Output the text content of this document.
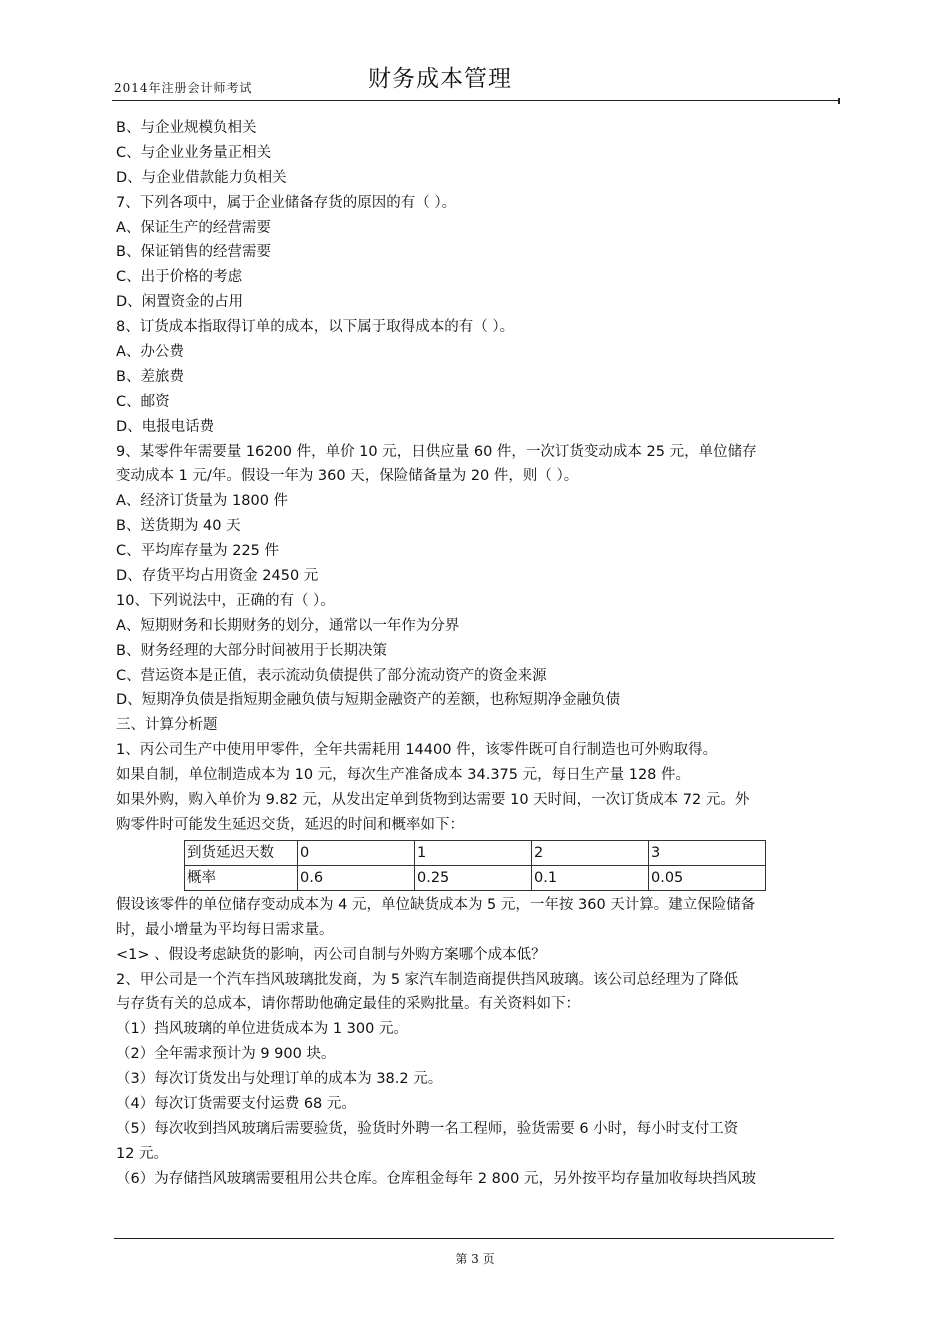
2014年注册会计师考试	财务成本管理
B、与企业规模负相关
C、与企业业务量正相关
D、与企业借款能力负相关
7、下列各项中，属于企业储备存货的原因的有（ ）。
A、保证生产的经营需要
B、保证销售的经营需要
C、出于价格的考虑
D、闲置资金的占用
8、订货成本指取得订单的成本，以下属于取得成本的有（ ）。
A、办公费
B、差旅费
C、邮资
D、电报电话费
9、某零件年需要量 16200 件，单价 10 元，日供应量 60 件，一次订货变动成本 25 元，单位储存
变动成本 1 元/年。假设一年为 360 天，保险储备量为 20 件，则（ ）。
A、经济订货量为 1800 件
B、送货期为 40 天
C、平均库存量为 225 件
D、存货平均占用资金 2450 元
10、下列说法中，正确的有（ ）。
A、短期财务和长期财务的划分，通常以一年作为分界
B、财务经理的大部分时间被用于长期决策
C、营运资本是正值，表示流动负债提供了部分流动资产的资金来源
D、短期净负债是指短期金融负债与短期金融资产的差额，也称短期净金融负债
三、计算分析题
1、丙公司生产中使用甲零件，全年共需耗用 14400 件，该零件既可自行制造也可外购取得。
如果自制，单位制造成本为 10 元，每次生产准备成本 34.375 元，每日生产量 128 件。
如果外购，购入单价为 9.82 元，从发出定单到货物到达需要 10 天时间，一次订货成本 72 元。外
购零件时可能发生延迟交货，延迟的时间和概率如下：
到货延迟天数	0	1	2	3
概率	0.6	0.25	0.1	0.05
假设该零件的单位储存变动成本为 4 元，单位缺货成本为 5 元，一年按 360 天计算。建立保险储备
时，最小增量为平均每日需求量。
<1> 、假设考虑缺货的影响，丙公司自制与外购方案哪个成本低？
2、甲公司是一个汽车挡风玻璃批发商，为 5 家汽车制造商提供挡风玻璃。该公司总经理为了降低
与存货有关的总成本，请你帮助他确定最佳的采购批量。有关资料如下：
（1）挡风玻璃的单位进货成本为 1 300 元。
（2）全年需求预计为 9 900 块。
（3）每次订货发出与处理订单的成本为 38.2 元。
（4）每次订货需要支付运费 68 元。
（5）每次收到挡风玻璃后需要验货，验货时外聘一名工程师，验货需要 6 小时，每小时支付工资
12 元。
（6）为存储挡风玻璃需要租用公共仓库。仓库租金每年 2 800 元，另外按平均存量加收每块挡风玻
第 3 页
